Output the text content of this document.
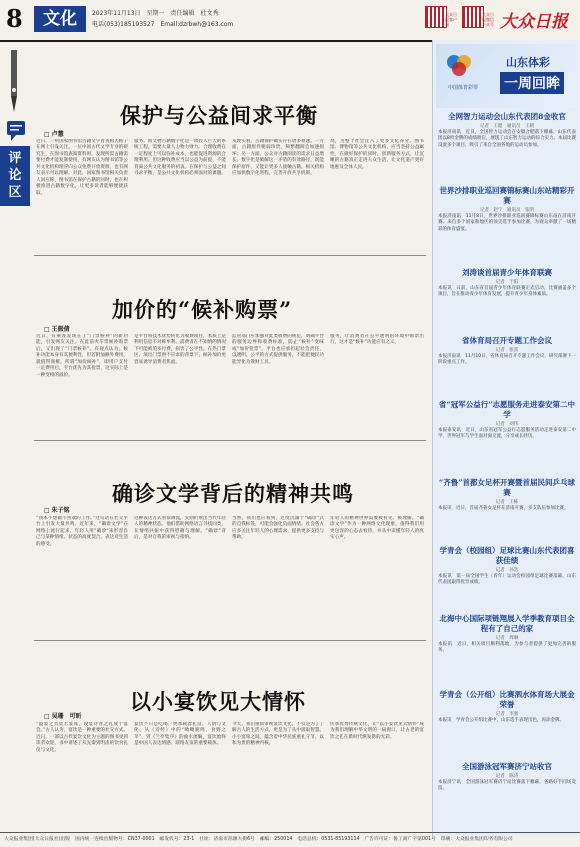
8	文化	2023年11月13日　星期一　责任编辑　杜文秀
电话(053)185193527　Email:dzrbwh@163.com
大众日报客户端
大众日报微信公众号 大众日报
评论区
保护与公益间求平衡
□ 卢慧
近日，一则国家图书馆古籍文字普查相关帖子在网上引发关注。一位中国古代文学专业的研究生，在图书馆查阅资料时，发现所需古籍需要付费才能复制使用，有网友认为图书馆等公共文化机构理应向公众免费开放资源，也有网友表示可以理解。对此，国家图书馆相关负责人回应称，图书馆在保护古籍的同时，也在积极推进古籍数字化，让更多读者能够便捷获取。
服务。而文物古籍数字化是一项投入巨大的系统工程，需要大量人力物力财力。合理收费在一定程度上可以弥补成本，也能促进资源的合理利用。但这种收费应当以公益为前提，不能背离公共文化服务的初衷。在保护与公益之间寻求平衡，是公共文化机构必须面对的课题。
从现实看，古籍保护确实存在诸多难题。一方面，古籍原件脆弱珍贵，频繁翻阅会加速损坏；另一方面，公众对古籍阅读的需求日益增长。数字化是破解这一矛盾的有效路径，既能保护原件，又能让更多人接触古籍。相关机构应加快数字化进程，完善开放共享机制。
剂，为整个社会注入了更多文化养分。图书馆、博物馆等公共文化机构，应当坚持公益属性，在做好保护的同时，创新服务方式，让沉睡的古籍真正走进大众生活，让文化遗产更好地惠及全体人民。
加价的“候补购票”
□ 王振倩
近日，有乘客发现在了“门票候补”的新功能，引发网友关注。在此前火车票候补购票后，又出现了“门票候补”。有观点认为，候补功能本身有其便利性，但若附加额外费用，就值得商榷。所谓“加价候补”，即用户支付一定费用后，平台优先为其抢票，这实际上是一种变相的溢价。
是平台将技术优势转化为收费项目，本质上是利用信息不对称牟利。消费者在不知情的情况下可能被迫多付费，损害了公平性。在热门景区、演出门票供不应求的背景下，候补加价更容易诱导消费者焦虑。
监管部门应加强对此类收费的规范，明确平台的服务边界和收费标准，防止“候补”变味成“加价抢票”。平台也应承担起社会责任，以透明、公平的方式提供服务，不能把便民功能异化为敛财工具。
服务，让消费者在公平透明的环境中购票出行，这才是“候补”功能应有之义。
确诊文学背后的精神共鸣
□ 朱子铭
“我本不想做不喜欢的工作。”这句话在社交平台上引发大量共鸣。近年来，“确诊文学”在网络上流行起来，年轻人用“确诊”来形容自己与某种情绪、状态的高度契合，表达对生活的感受。
这种表达方式看似调侃，实则折射出当代年轻人的精神状态。他们借助网络语言寻找同类，在情绪共振中获得慰藉与理解。“确诊”背后，是对自我的审视与接纳。
当然，我们也应看到，过度沉溺于“确诊”式的自我标签，可能会强化负面情绪。社会各方应多关注年轻人的心理需求，提供更多支持与帮助。
年轻人的精神世界需要被看见、被理解。“确诊文学”作为一种网络文化现象，值得我们用更包容的心态去看待，并从中读懂年轻人的真实心声。
以小宴饮见大情怀
□ 吴珊　可昕
“盛宴之具莫若宴席，设宴待客之礼成于宴会。”古人认为，宴饮是一种重要的社交方式。近日，一部以古代宴饮文化为主题的图书受到读者欢迎，书中讲述了从先秦到明清的饮食礼仪与文化。
宴饮不只是吃喝，更承载着礼仪、人情与文化。从《诗经》中的“呦呦鹿鸣，食野之苹”，到《兰亭集序》的曲水流觞，宴饮始终是中国人表达情感、联络友谊的重要载体。
今天，我们重新审视宴饮文化，不仅是为了了解古人的生活方式，更是为了从中汲取智慧。小小宴席之间，蕴含着中华民族重礼守节、以和为贵的精神内核。
传承优秀传统文化，让“以小宴饮见大情怀”成为我们理解中华文明的一扇窗口，让古老的宴饮之礼在新时代焕发新的光彩。
中国体育彩票
山东体彩
一周回眸
全网智力运动会山东代表团8金收官
记者　王健　通讯员　王朝
本报济南讯　近日，全国智力运动会在安徽合肥落下帷幕，山东代表团以8枚金牌的成绩收官，展现了山东智力运动的综合实力。本届比赛设置多个项目，吸引了来自全国各地的运动员参加。
世界沙排职业巡回赛锦标赛山东站精彩开赛
记者　赵宁　通讯员　张明
本报济南讯　11月8日，世界沙排职业巡回赛锦标赛山东站在济南开赛。来自多个国家和地区的顶尖选手参加比赛，为观众奉献了一场精彩的体育盛宴。
刘涛谈首届青少年体育联赛
记者　于阳
本报讯　日前，山东省首届青少年体育联赛正式启动，比赛涵盖多个项目，旨在推动青少年体育发展，提升青少年身体素质。
省体育局召开专题工作会议
记者　张雷
本报济南讯　11月10日，省体育局召开专题工作会议，研究部署下一阶段重点工作。
省“冠军公益行”志愿服务走进泰安第二中学
记者　刘伟
本报泰安讯　近日，山东省冠军公益行志愿服务活动走进泰安第二中学，世界冠军与学生面对面交流，分享成长经历。
“齐鲁”首都女足杯开赛暨首届民间乒乓球赛
记者　王栋
本报讯　近日，首届齐鲁女足杯在济南开赛，多支队伍参加比赛。
学青会（校园组）足球比赛山东代表团喜获佳绩
记者　孙浩
本报讯　第一届全国学生（青年）运动会校园组足球比赛落幕，山东代表团取得优异成绩。
北海中心国际项链翔展入学季教育项目全程有了自己的家
记者　周琳
本报讯　近日，相关项目顺利落地，为参与者提供了更加完善的服务。
学青会（公开组）比赛泗水体育场大展金荣誉
记者　李强
本报讯　学青会公开组比赛中，山东选手表现出色，再添金牌。
全国游泳冠军赛济宁站收官
记者　陈涛
本报济宁讯　全国游泳冠军赛济宁站比赛落下帷幕，各路好手同场竞技。
大众报业集团(大众日报社)出版　国内统一连续出版物号：CN37-0001　邮发代号：23-1　社址：济南市泺源大街6号　邮编：250014　电话总机：0531-85193114　广告许可证：鲁工商广字第001号　印刷：大众报业集团印务有限公司
